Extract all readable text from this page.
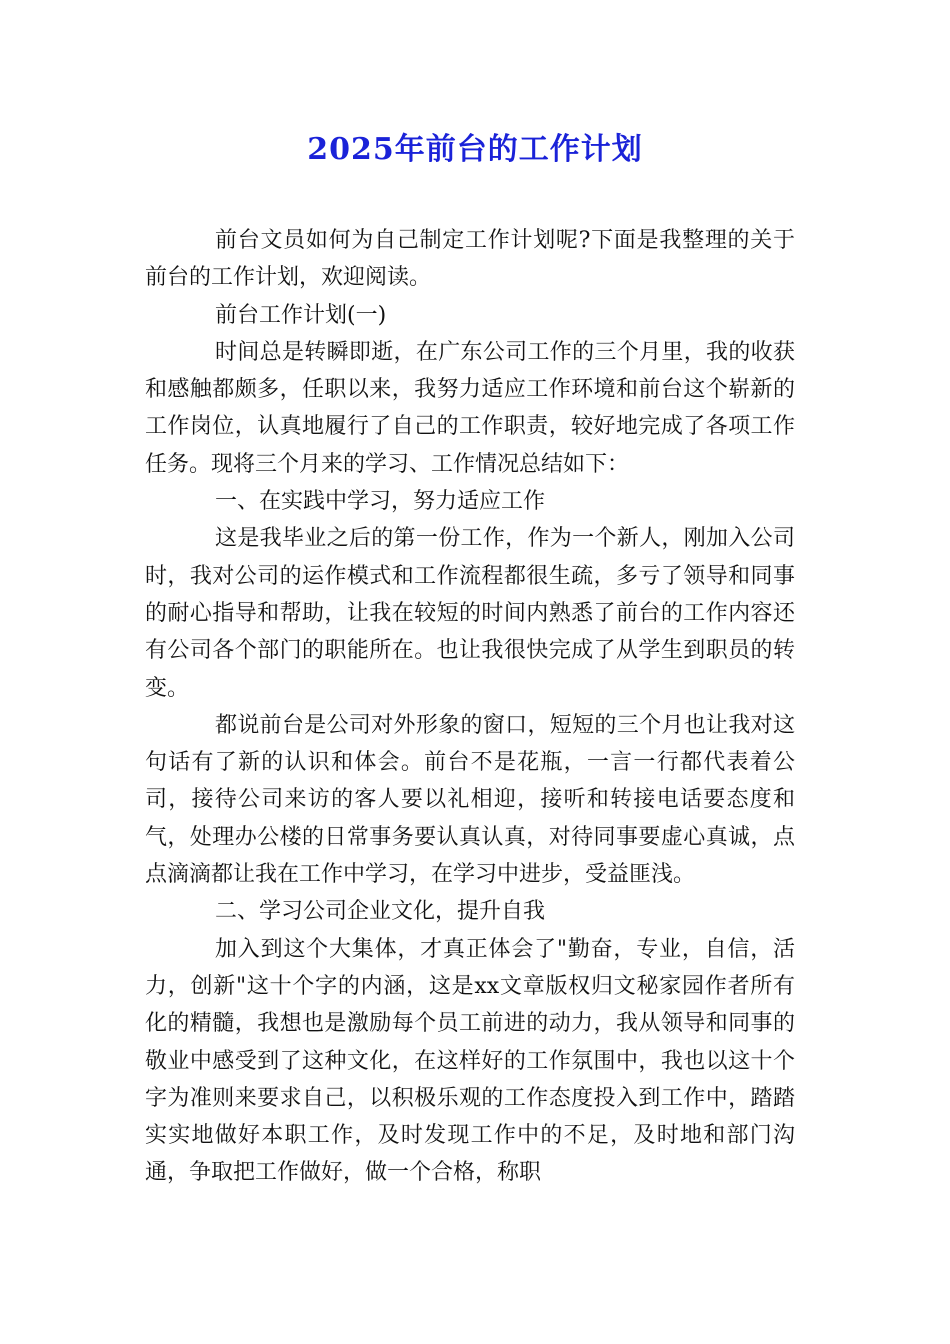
2025年前台的工作计划

前台文员如何为自己制定工作计划呢?下面是我整理的关于前台的工作计划，欢迎阅读。

前台工作计划(一)

时间总是转瞬即逝，在广东公司工作的三个月里，我的收获和感触都颇多，任职以来，我努力适应工作环境和前台这个崭新的工作岗位，认真地履行了自己的工作职责，较好地完成了各项工作任务。现将三个月来的学习、工作情况总结如下：

一、在实践中学习，努力适应工作

这是我毕业之后的第一份工作，作为一个新人，刚加入公司时，我对公司的运作模式和工作流程都很生疏，多亏了领导和同事的耐心指导和帮助，让我在较短的时间内熟悉了前台的工作内容还有公司各个部门的职能所在。也让我很快完成了从学生到职员的转变。

都说前台是公司对外形象的窗口，短短的三个月也让我对这句话有了新的认识和体会。前台不是花瓶，一言一行都代表着公司，接待公司来访的客人要以礼相迎，接听和转接电话要态度和气，处理办公楼的日常事务要认真认真，对待同事要虚心真诚，点点滴滴都让我在工作中学习，在学习中进步，受益匪浅。

二、学习公司企业文化，提升自我

加入到这个大集体，才真正体会了"勤奋，专业，自信，活力，创新"这十个字的内涵，这是xx文章版权归文秘家园作者所有化的精髓，我想也是激励每个员工前进的动力，我从领导和同事的敬业中感受到了这种文化，在这样好的工作氛围中，我也以这十个字为准则来要求自己，以积极乐观的工作态度投入到工作中，踏踏实实地做好本职工作，及时发现工作中的不足，及时地和部门沟通，争取把工作做好，做一个合格，称职
